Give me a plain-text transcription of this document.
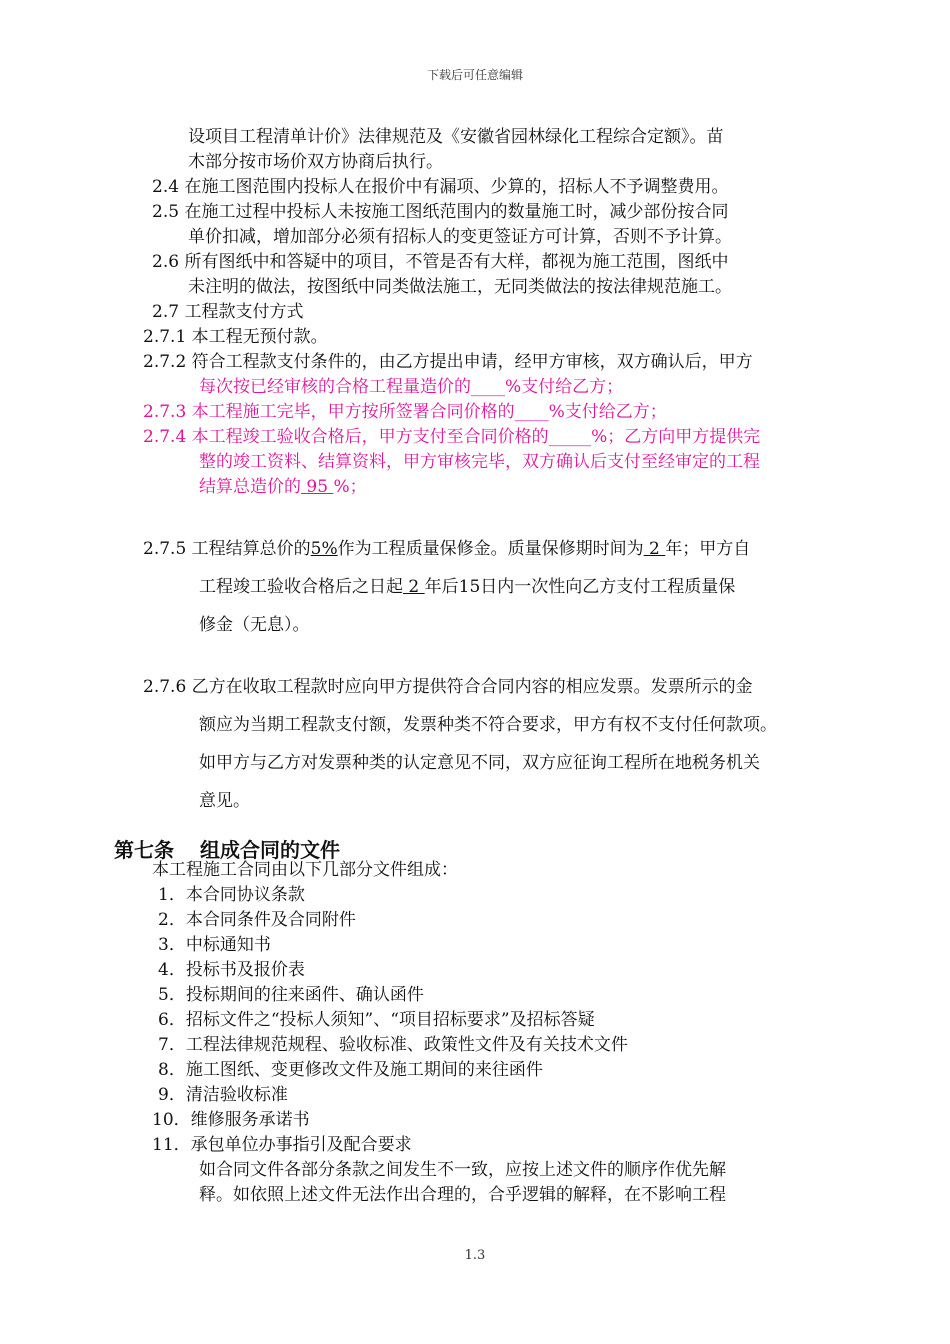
下载后可任意编辑
设项目工程清单计价》法律规范及《安徽省园林绿化工程综合定额》。苗
木部分按市场价双方协商后执行。
2.4 在施工图范围内投标人在报价中有漏项、少算的，招标人不予调整费用。
2.5 在施工过程中投标人未按施工图纸范围内的数量施工时，减少部份按合同
单价扣减，增加部分必须有招标人的变更签证方可计算，否则不予计算。
2.6 所有图纸中和答疑中的项目，不管是否有大样，都视为施工范围，图纸中
未注明的做法，按图纸中同类做法施工，无同类做法的按法律规范施工。
2.7 工程款支付方式
2.7.1 本工程无预付款。
2.7.2 符合工程款支付条件的，由乙方提出申请，经甲方审核，双方确认后，甲方
每次按已经审核的合格工程量造价的____%支付给乙方；
2.7.3 本工程施工完毕，甲方按所签署合同价格的____%支付给乙方；
2.7.4 本工程竣工验收合格后，甲方支付至合同价格的_____%；乙方向甲方提供完
整的竣工资料、结算资料，甲方审核完毕，双方确认后支付至经审定的工程
结算总造价的 95 %；
2.7.5 工程结算总价的5%作为工程质量保修金。质量保修期时间为 2 年；甲方自
工程竣工验收合格后之日起 2 年后15日内一次性向乙方支付工程质量保
修金（无息）。
2.7.6 乙方在收取工程款时应向甲方提供符合合同内容的相应发票。发票所示的金
额应为当期工程款支付额，发票种类不符合要求，甲方有权不支付任何款项。
如甲方与乙方对发票种类的认定意见不同，双方应征询工程所在地税务机关
意见。
第七条 组成合同的文件
本工程施工合同由以下几部分文件组成：
1．本合同协议条款
2．本合同条件及合同附件
3．中标通知书
4．投标书及报价表
5．投标期间的往来函件、确认函件
6．招标文件之“投标人须知”、“项目招标要求”及招标答疑
7．工程法律规范规程、验收标准、政策性文件及有关技术文件
8．施工图纸、变更修改文件及施工期间的来往函件
9．清洁验收标准
10．维修服务承诺书
11．承包单位办事指引及配合要求
如合同文件各部分条款之间发生不一致，应按上述文件的顺序作优先解
释。如依照上述文件无法作出合理的，合乎逻辑的解释，在不影响工程
1.3
